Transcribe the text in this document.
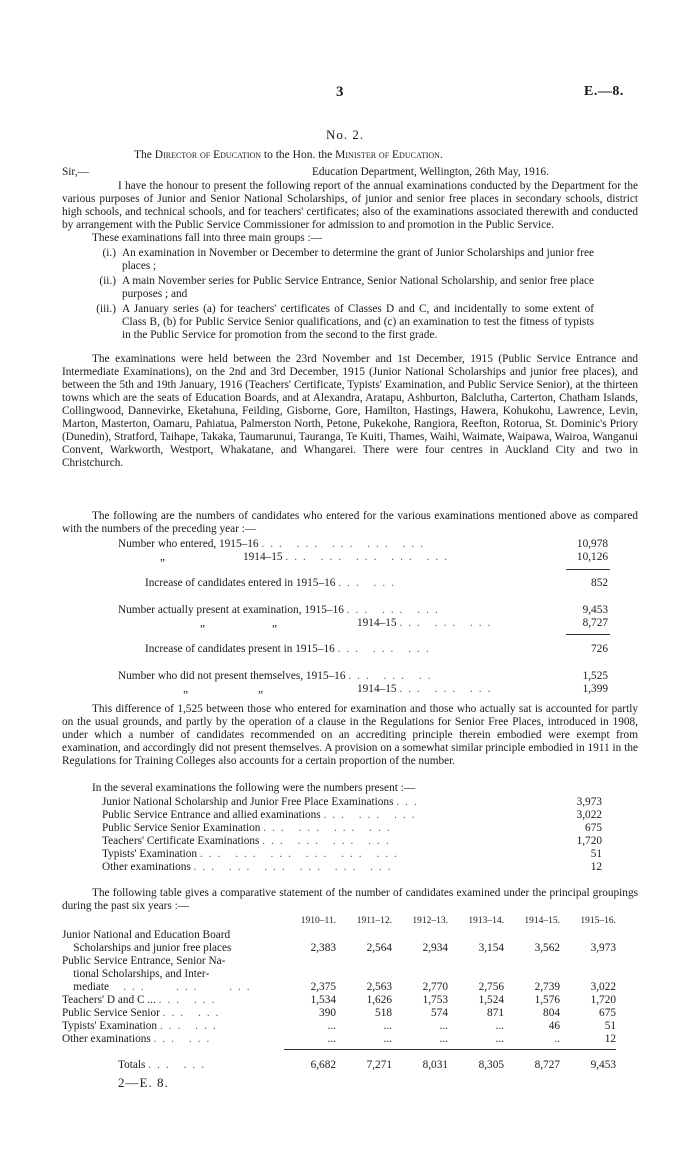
3	E.—8.
No. 2.
The Director of Education to the Hon. the Minister of Education.
Sir,—	Education Department, Wellington, 26th May, 1916.
I have the honour to present the following report of the annual examinations conducted by the Department for the various purposes of Junior and Senior National Scholarships, of junior and senior free places in secondary schools, district high schools, and technical schools, and for teachers' certificates; also of the examinations associated therewith and conducted by arrangement with the Public Service Commissioner for admission to and promotion in the Public Service.
These examinations fall into three main groups :—
(i.) An examination in November or December to determine the grant of Junior Scholarships and junior free places ;
(ii.) A main November series for Public Service Entrance, Senior National Scholarship, and senior free place purposes ; and
(iii.) A January series (a) for teachers' certificates of Classes D and C, and incidentally to some extent of Class B, (b) for Public Service Senior qualifications, and (c) an examination to test the fitness of typists in the Public Service for promotion from the second to the first grade.
The examinations were held between the 23rd November and 1st December, 1915 (Public Service Entrance and Intermediate Examinations), on the 2nd and 3rd December, 1915 (Junior National Scholarships and junior free places), and between the 5th and 19th January, 1916 (Teachers' Certificate, Typists' Examination, and Public Service Senior), at the thirteen towns which are the seats of Education Boards, and at Alexandra, Aratapu, Ashburton, Balclutha, Carterton, Chatham Islands, Collingwood, Dannevirke, Eketahuna, Feilding, Gisborne, Gore, Hamilton, Hastings, Hawera, Kohukohu, Lawrence, Levin, Marton, Masterton, Oamaru, Pahiatua, Palmerston North, Petone, Pukekohe, Rangiora, Reefton, Rotorua, St. Dominic's Priory (Dunedin), Stratford, Taihape, Takaka, Taumarunui, Tauranga, Te Kuiti, Thames, Waihi, Waimate, Waipawa, Wairoa, Wanganui Convent, Warkworth, Westport, Whakatane, and Whangarei. There were four centres in Auckland City and two in Christchurch.
The following are the numbers of candidates who entered for the various examinations mentioned above as compared with the numbers of the preceding year :—
Number who entered, 1915–16 ... ... ... ... ...	10,978
„	1914–15 ... ... ... ... ...	10,126
Increase of candidates entered in 1915–16 ... ...	852
Number actually present at examination, 1915–16 ... ... ...	9,453
„	„	1914–15 ... ... ...	8,727
Increase of candidates present in 1915–16 ... ... ...	726
Number who did not present themselves, 1915–16 ... ... ..	1,525
„	„	1914–15 ... ... ...	1,399
This difference of 1,525 between those who entered for examination and those who actually sat is accounted for partly on the usual grounds, and partly by the operation of a clause in the Regulations for Senior Free Places, introduced in 1908, under which a number of candidates recommended on an accrediting principle therein embodied were exempt from examination, and accordingly did not present themselves. A provision on a somewhat similar principle embodied in 1911 in the Regulations for Training Colleges also accounts for a certain proportion of the number.
In the several examinations the following were the numbers present :—
Junior National Scholarship and Junior Free Place Examinations ...	3,973
Public Service Entrance and allied examinations ... ... ...	3,022
Public Service Senior Examination ... ... ... ...	675
Teachers' Certificate Examinations ... ... ... ...	1,720
Typists' Examination ... ... ... ... ... ...	51
Other examinations ... ... ... ... ... ...	12
The following table gives a comparative statement of the number of candidates examined under the principal groupings during the past six years :—
1910–11.	1911–12.	1912–13.	1913–14.	1914–15.	1915–16.
Junior National and Education Board
Scholarships and junior free places	2,383	2,564	2,934	3,154	3,562	3,973
Public Service Entrance, Senior Na-
tional Scholarships, and Inter-
mediate ...   ...   ...	2,375	2,563	2,770	2,756	2,739	3,022
Teachers' D and C ... ... ...	1,534	1,626	1,753	1,524	1,576	1,720
Public Service Senior ... ...	390	518	574	871	804	675
Typists' Examination ... ...	...	...	...	...	46	51
Other examinations ... ...	...	...	...	...	..	12
Totals ... ...	6,682	7,271	8,031	8,305	8,727	9,453
2—E. 8.
